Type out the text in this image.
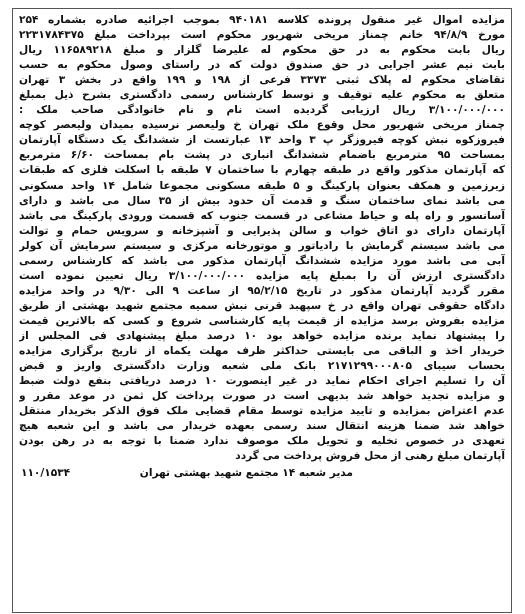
مزایده اموال غیر منقول پرونده کلاسه ۹۴۰۱۸۱ بموجب اجرائیه صادره بشماره ۲۵۴
مورخ ۹۴/۸/۹ خانم چمناز مریخی شهریور محکوم است بپرداخت مبلغ ۲۲۳۱۷۸۴۳۷۵
ریال بابت محکوم به در حق محکوم له علیرضا گلزار و مبلغ ۱۱۶۵۸۹۲۱۸ ریال
بابت نیم عشر اجرایی در حق صندوق دولت که در راستای وصول محکوم به حسب
تقاضای محکوم له پلاک ثبتی ۳۳۷۳ فرعی از ۱۹۸ و ۱۹۹ واقع در بخش ۳ تهران
متعلق به محکوم علیه توقیف و توسط کارشناس رسمی دادگستری بشرح ذیل بمبلغ
۳/۱۰۰/۰۰۰/۰۰۰ ریال ارزیابی گردیده است نام و نام خانوادگی صاحب ملک :
چمناز مریخی شهریور محل وقوع ملک تهران خ ولیعصر نرسیده بمیدان ولیعصر کوچه
فیروزکوه نبش کوچه فیروزگر پ ۳ واحد ۱۳ عبارتست از ششدانگ یک دستگاه آپارتمان
بمساحت ۹۵ مترمربع باضمام ششدانگ انباری در پشت بام بمساحت ۶/۶۰ مترمربع
که آپارتمان مذکور واقع در طبقه چهارم با ساختمان ۷ طبقه با اسکلت فلزی که طبقات
زیرزمین و همکف بعنوان پارکینگ و ۵ طبقه مسکونی مجموعا شامل ۱۴ واحد مسکونی
می باشد نمای ساختمان سنگ و قدمت آن حدود بیش از ۳۵ سال می باشد و دارای
آسانسور و راه پله و حیاط مشاعی در قسمت جنوب که قسمت ورودی پارکینگ می باشد
آپارتمان دارای دو اتاق خواب و سالن پذیرایی و آشپزخانه و سرویس حمام و توالت
می باشد سیستم گرمایش با رادیاتور و موتورخانه مرکزی و سیستم سرمایش آن کولر
آبی می باشد مورد مزایده ششدانگ آپارتمان مذکور می باشد که کارشناس رسمی
دادگستری ارزش آن را بمبلغ پایه مزایده ۳/۱۰۰/۰۰۰/۰۰۰ ریال تعیین نموده است
مقرر گردید آپارتمان مذکور در تاریخ ۹۵/۲/۱۵ از ساعت ۹ الی ۹/۳۰ در واحد مزایده
دادگاه حقوقی تهران واقع در خ سپهبد قرنی نبش سمیه مجتمع شهید بهشتی از طریق
مزایده بفروش برسد مزایده از قیمت پایه کارشناسی شروع و کسی که بالاترین قیمت
را پیشنهاد نماید برنده مزایده خواهد بود ۱۰ درصد مبلغ پیشنهادی فی المجلس از
خریدار اخذ و الباقی می بایستی حداکثر ظرف مهلت یکماه از تاریخ برگزاری مزایده
بحساب سیبای ۲۱۷۱۲۹۹۰۰۰۸۰۵ بانک ملی شعبه وزارت دادگستری واریز و قبض
آن را تسلیم اجرای احکام نماید در غیر اینصورت ۱۰ درصد دریافتی بنفع دولت ضبط
و مزایده تجدید خواهد شد بدیهی است در صورت پرداخت کل ثمن در موعد مقرر و
عدم اعتراض بمزایده و تایید مزایده توسط مقام قضایی ملک فوق الذکر بخریدار منتقل
خواهد شد ضمنا هزینه انتقال سند رسمی بعهده خریدار می باشد و این شعبه هیچ
تعهدی در خصوص تخلیه و تحویل ملک موصوف ندارد ضمنا با توجه به در رهن بودن
آپارتمان مبلغ رهنی از محل فروش پرداخت می گردد
مدیر شعبه ۱۴ مجتمع شهید بهشتی تهران
۱۱۰/۱۵۳۴
